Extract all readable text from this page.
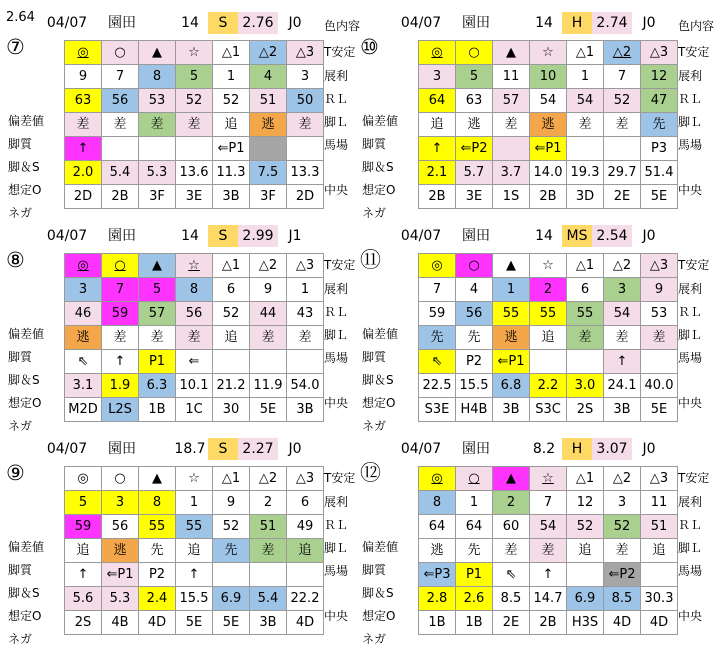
⑦
04/07	園田	14	S	2.76	J0	色内容
T安定
展利
ＲＬ
脚Ｌ
馬場
中央
偏差値
脚質
脚＆S
想定O
ネガ
◎	○	▲	☆	△1	△2	△3
9	7	8	5	1	4	3
63	56	53	52	52	51	50
差	差	差	差	追	逃	差
↑				⇐P1		
2.0	5.4	5.3	13.6	11.3	7.5	13.3
2D	2B	3F	3E	3B	3F	2D
⑩
04/07	園田	14	H	2.74	J0	色内容
T安定
展利
ＲＬ
脚Ｌ
馬場
中央
偏差値
脚質
脚＆S
想定O
ネガ
◎	○	▲	☆	△1	△2	△3
3	5	11	10	1	7	12
64	63	57	54	54	52	47
追	逃	差	逃	差	差	先
↑	⇐P2		⇐P1			P3
2.1	5.7	3.7	14.0	19.3	29.7	51.4
2B	3E	1S	2B	3D	2E	5E
⑧
04/07	園田	14	S	2.99	J1
T安定
展利
ＲＬ
脚Ｌ
馬場
中央
偏差値
脚質
脚＆S
想定O
ネガ
◎	○	▲	☆	△1	△2	△3
3	7	5	8	6	9	1
46	59	57	56	52	44	43
逃	差	差	差	追	差	差
⇖	↑	P1	⇐			
3.1	1.9	6.3	10.1	21.2	11.9	54.0
M2D	L2S	1B	1C	30	5E	3B
⑪
04/07	園田	14 MS 2.54	J0
T安定
展利
ＲＬ
脚Ｌ
馬場
中央
偏差値
脚質
脚＆S
想定O
ネガ
◎	○	▲	☆	△1	△2	△3
7	4	1	2	6	3	9
59	56	55	55	55	54	53
先	先	逃	追	差	差	差
⇖	P2	⇐P1			↑	
22.5	15.5	6.8	2.2	3.0	24.1	40.0
S3E	H4B	3B	S3C	2S	3B	5E
⑨
04/07	園田	18.7 S	2.27	J0
T安定
展利
ＲＬ
脚Ｌ
馬場
中央
偏差値
脚質
脚＆S
想定O
ネガ
◎	○	▲	☆	△1	△2	△3
5	3	8	1	9	2	6
59	56	55	55	52	51	49
追	逃	先	追	先	差	追
↑	⇐P1	P2	↑			
5.6	5.3	2.4	15.5	6.9	5.4	22.2
2S	4B	4D	5E	5E	3B	4D
⑫
04/07	園田	8.2	H	3.07	J0
T安定
展利
ＲＬ
脚Ｌ
馬場
中央
偏差値
脚質
脚＆S
想定O
ネガ
◎	○	▲	☆	△1	△2	△3
8	1	2	7	12	3	11
64	64	60	54	52	52	51
逃	先	差	差	追	差	追
⇐P3	P1	⇖	↑		⇐P2	
2.8	2.6	8.5	14.7	6.9	8.5	30.3
1B	1B	2E	2B	H3S	4D	4D
2.64
